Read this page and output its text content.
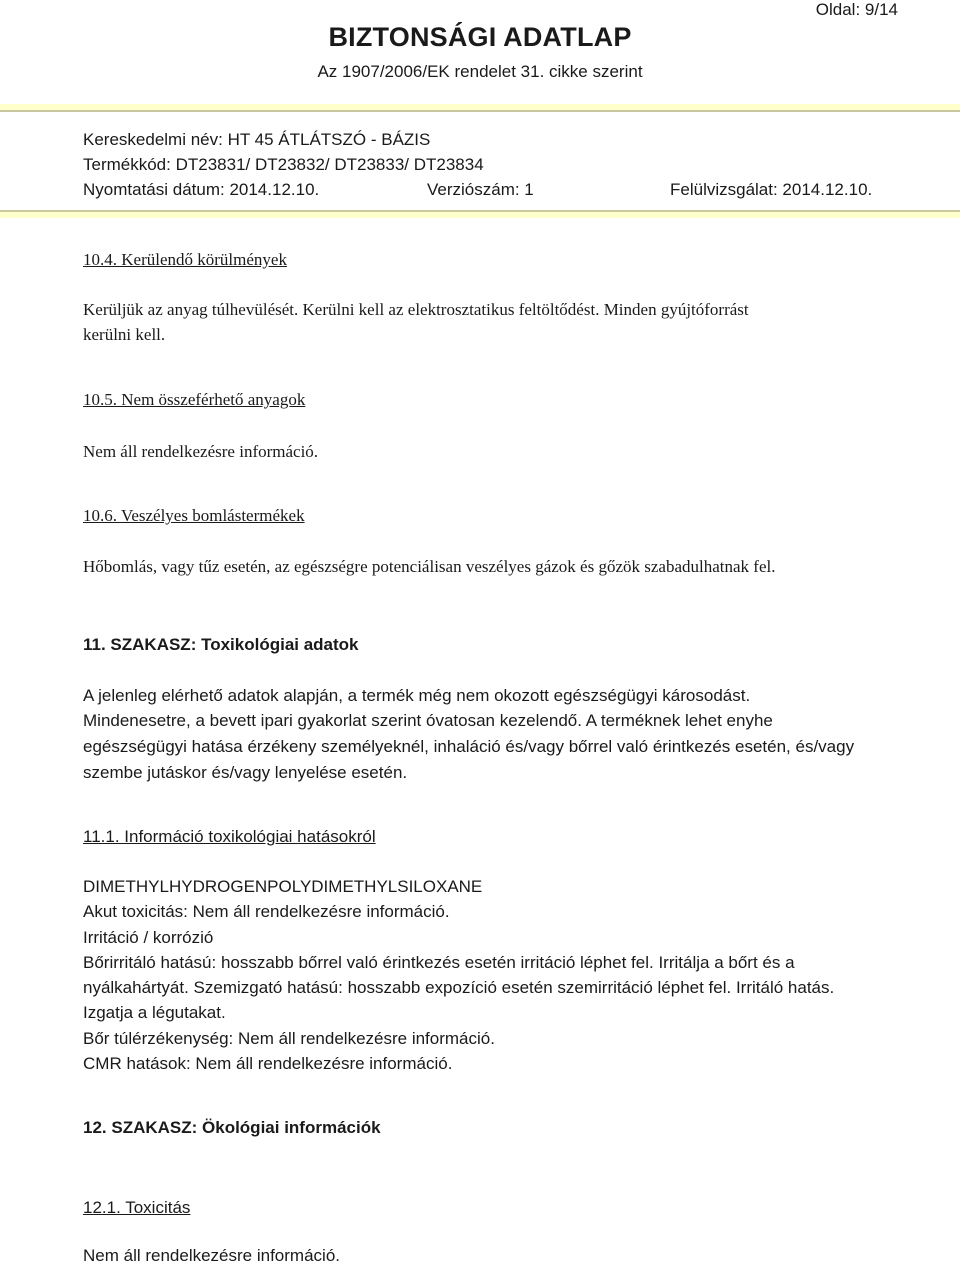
Oldal: 9/14
BIZTONSÁGI ADATLAP
Az 1907/2006/EK rendelet 31. cikke szerint
Kereskedelmi név: HT 45 ÁTLÁTSZÓ - BÁZIS
Termékkód: DT23831/ DT23832/ DT23833/ DT23834
Nyomtatási dátum: 2014.12.10.	Verziószám: 1	Felülvizsgálat: 2014.12.10.
10.4. Kerülendő körülmények
Kerüljük az anyag túlhevülését. Kerülni kell az elektrosztatikus feltöltődést. Minden gyújtóforrást
kerülni kell.
10.5. Nem összeférhető anyagok
Nem áll rendelkezésre információ.
10.6. Veszélyes bomlástermékek
Hőbomlás, vagy tűz esetén, az egészségre potenciálisan veszélyes gázok és gőzök szabadulhatnak fel.
11. SZAKASZ: Toxikológiai adatok
A jelenleg elérhető adatok alapján, a termék még nem okozott egészségügyi károsodást.
Mindenesetre, a bevett ipari gyakorlat szerint óvatosan kezelendő. A terméknek lehet enyhe
egészségügyi hatása érzékeny személyeknél, inhaláció és/vagy bőrrel való érintkezés esetén, és/vagy
szembe jutáskor és/vagy lenyelése esetén.
11.1. Információ toxikológiai hatásokról
DIMETHYLHYDROGENPOLYDIMETHYLSILOXANE
Akut toxicitás: Nem áll rendelkezésre információ.
Irritáció / korrózió
Bőrirritáló hatású: hosszabb bőrrel való érintkezés esetén irritáció léphet fel. Irritálja a bőrt és a
nyálkahártyát. Szemizgató hatású: hosszabb expozíció esetén szemirritáció léphet fel. Irritáló hatás.
Izgatja a légutakat.
Bőr túlérzékenység: Nem áll rendelkezésre információ.
CMR hatások: Nem áll rendelkezésre információ.
12. SZAKASZ: Ökológiai információk
12.1. Toxicitás
Nem áll rendelkezésre információ.
